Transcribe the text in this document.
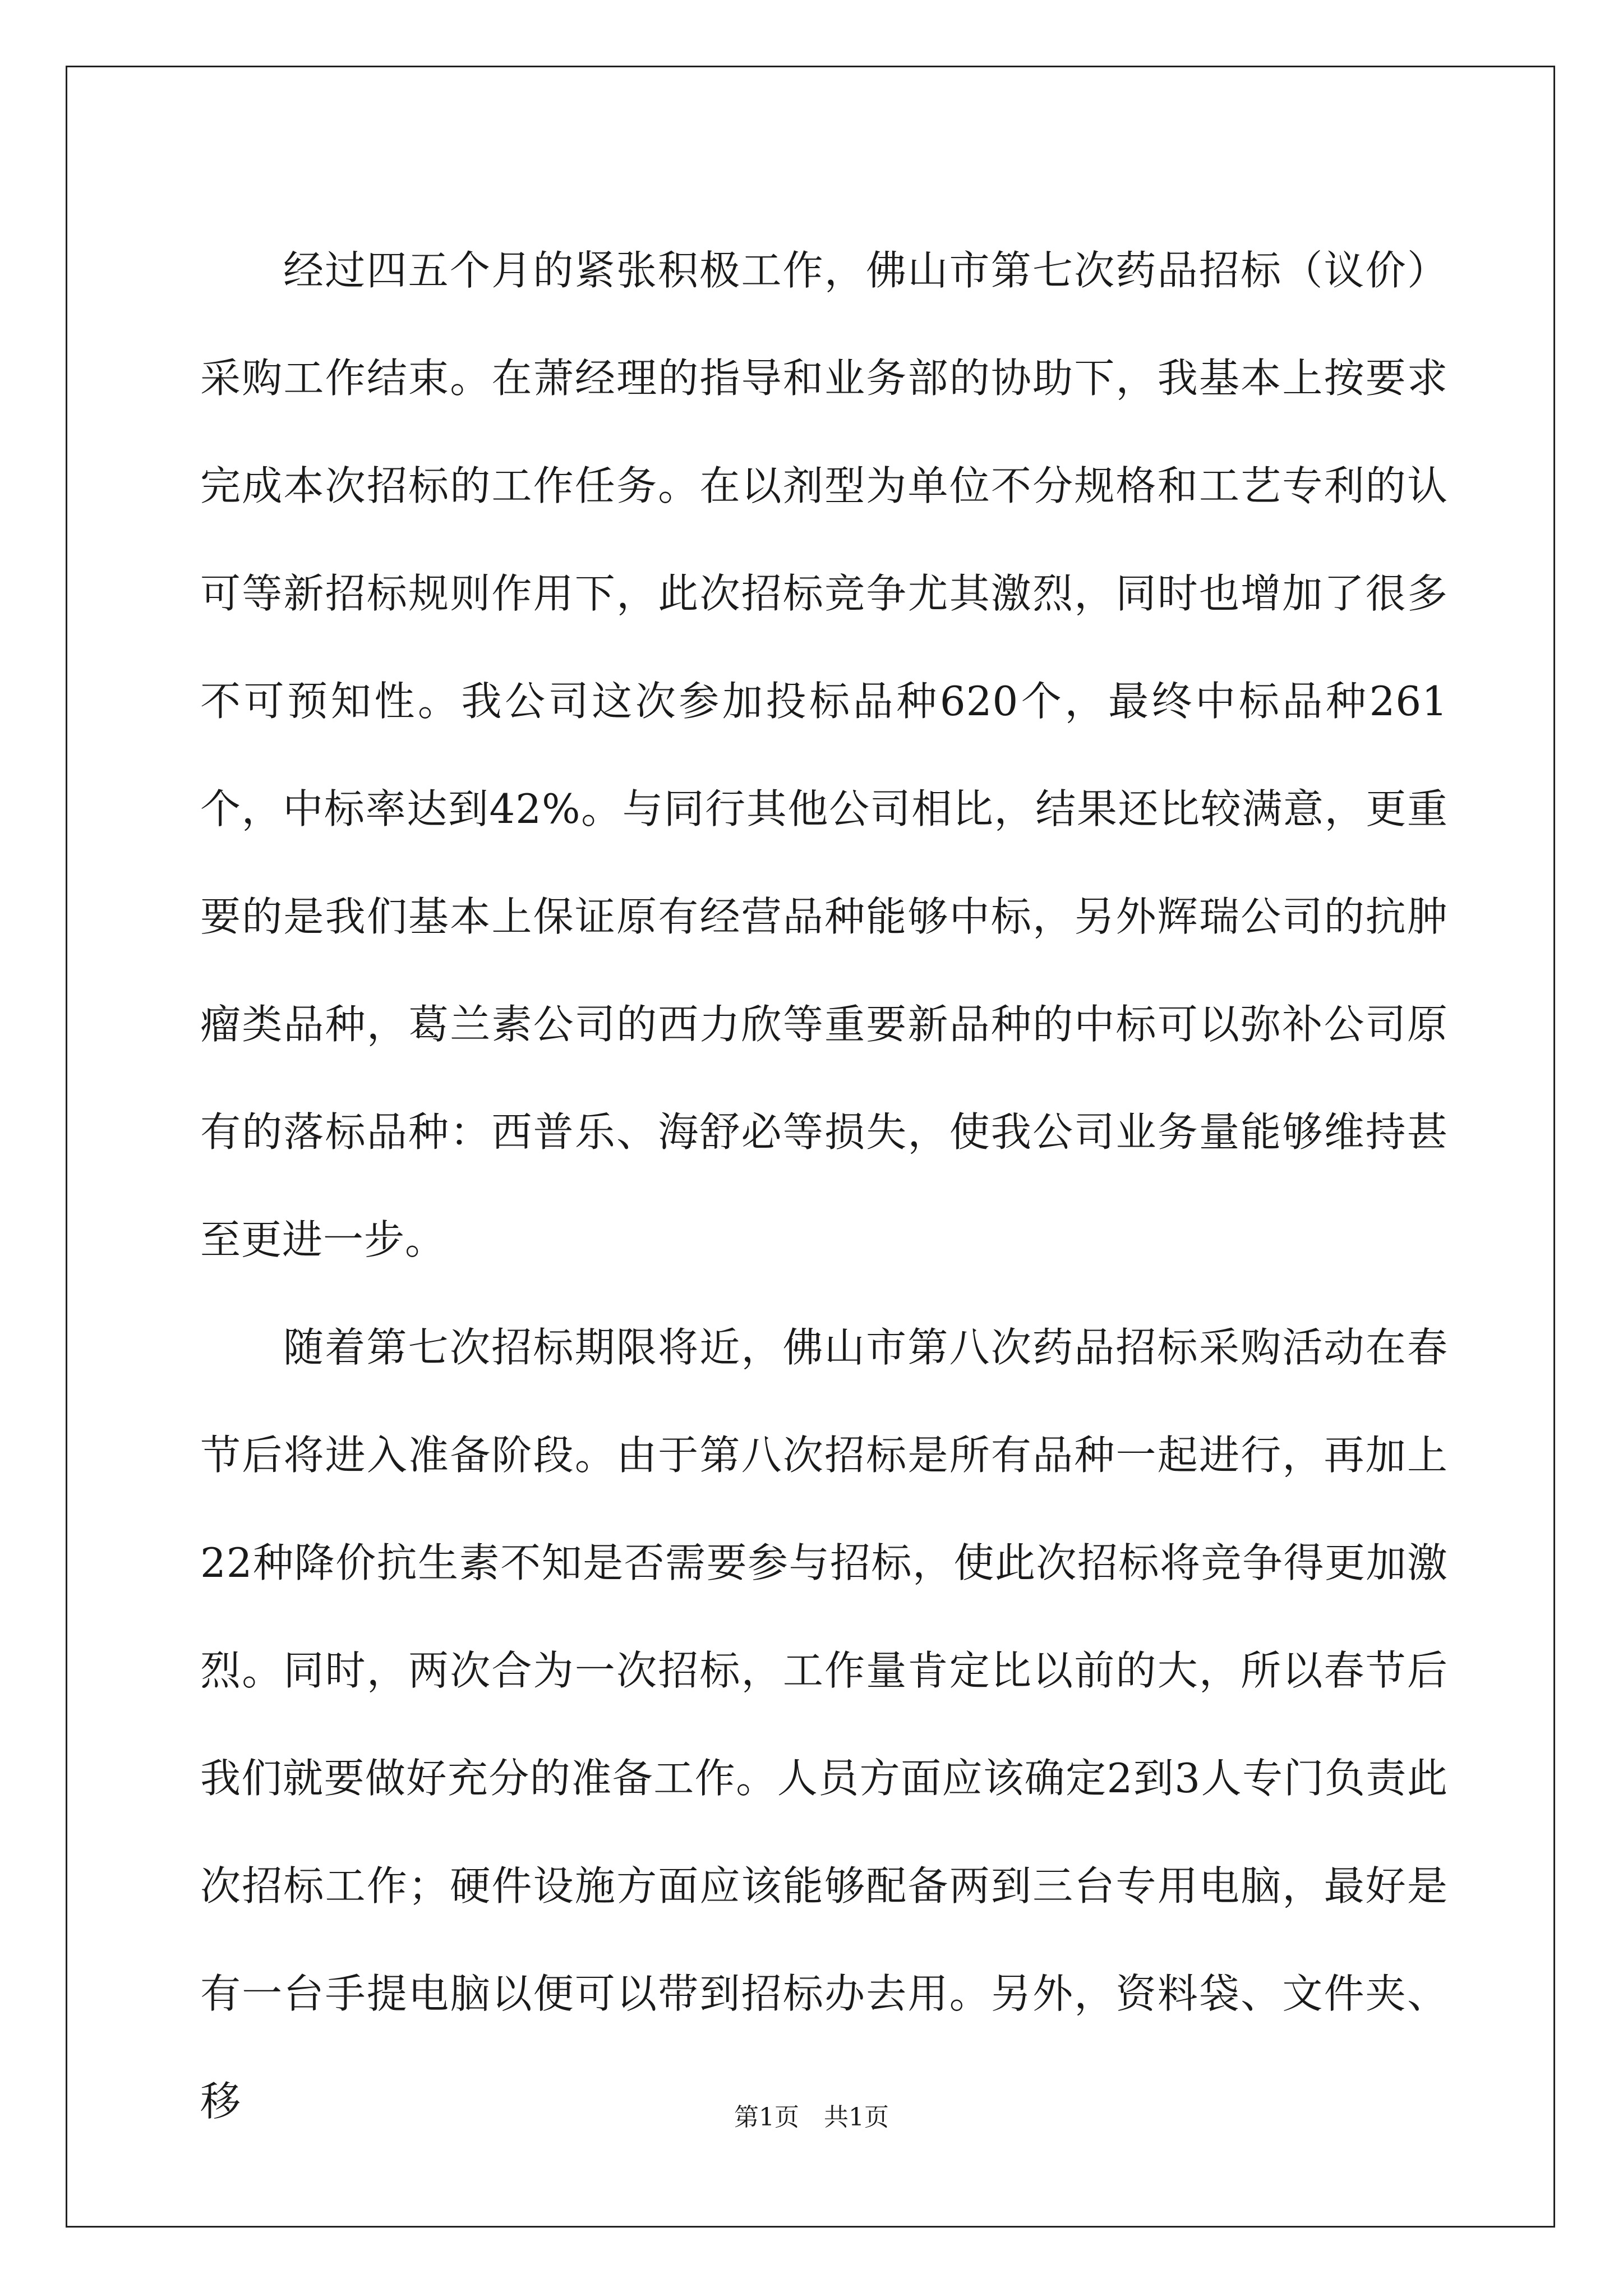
经过四五个月的紧张积极工作，佛山市第七次药品招标（议价）采购工作结束。在萧经理的指导和业务部的协助下，我基本上按要求完成本次招标的工作任务。在以剂型为单位不分规格和工艺专利的认可等新招标规则作用下，此次招标竞争尤其激烈，同时也增加了很多不可预知性。我公司这次参加投标品种620个，最终中标品种261个，中标率达到42%。与同行其他公司相比，结果还比较满意，更重要的是我们基本上保证原有经营品种能够中标，另外辉瑞公司的抗肿瘤类品种，葛兰素公司的西力欣等重要新品种的中标可以弥补公司原有的落标品种：西普乐、海舒必等损失，使我公司业务量能够维持甚至更进一步。

随着第七次招标期限将近，佛山市第八次药品招标采购活动在春节后将进入准备阶段。由于第八次招标是所有品种一起进行，再加上22种降价抗生素不知是否需要参与招标，使此次招标将竞争得更加激烈。同时，两次合为一次招标，工作量肯定比以前的大，所以春节后我们就要做好充分的准备工作。人员方面应该确定2到3人专门负责此次招标工作；硬件设施方面应该能够配备两到三台专用电脑，最好是有一台手提电脑以便可以带到招标办去用。另外，资料袋、文件夹、移	第1页 共1页
